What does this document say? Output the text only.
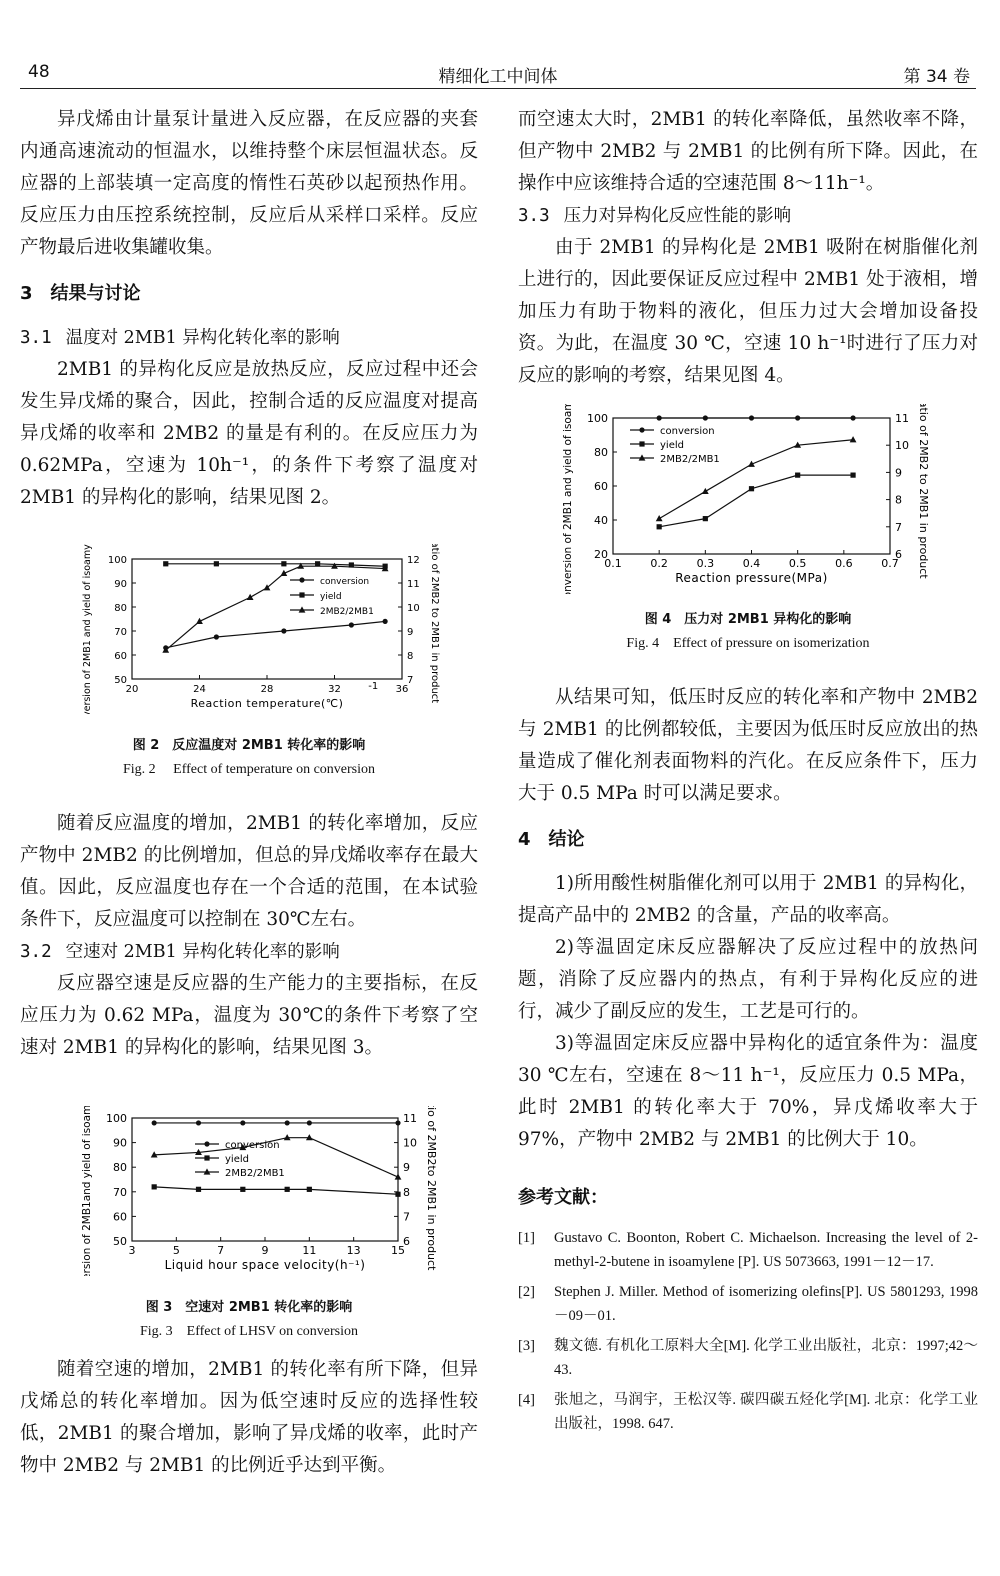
48	精细化工中间体	第 34 卷

异戊烯由计量泵计量进入反应器，在反应器的夹套内通高速流动的恒温水，以维持整个床层恒温状态。反应器的上部装填一定高度的惰性石英砂以起预热作用。反应压力由压控系统控制，反应后从采样口采样。反应产物最后进收集罐收集。

3　结果与讨论
3.1 温度对 2MB1 异构化转化率的影响

2MB1 的异构化反应是放热反应，反应过程中还会发生异戊烯的聚合，因此，控制合适的反应温度对提高异戊烯的收率和 2MB2 的量是有利的。在反应压力为 0.62MPa，空速为 10h⁻¹，的条件下考察了温度对 2MB1 的异构化的影响，结果见图 2。

20	24	28	32	36
50
60
70
80
90
100
7
8
9
10
11
12
Reaction temperature(℃)
Conversion of 2MB1 and yield of isoamylenes(%)	Ratio of 2MB2 to 2MB1 in product
-1
conversion
yield
2MB2/2MB1
图 2　反应温度对 2MB1 转化率的影响
Fig. 2　 Effect of temperature on conversion

随着反应温度的增加，2MB1 的转化率增加，反应产物中 2MB2 的比例增加，但总的异戊烯收率存在最大值。因此，反应温度也存在一个合适的范围，在本试验条件下，反应温度可以控制在 30℃左右。

3.2 空速对 2MB1 异构化转化率的影响

反应器空速是反应器的生产能力的主要指标，在反应压力为 0.62 MPa，温度为 30℃的条件下考察了空速对 2MB1 的异构化的影响，结果见图 3。

3	5	7	9	11	13	15
50
60
70
80
90
100
6
7
8
9
10
11
Liquid hour space velocity(h⁻¹)
Conversion of 2MB1and yield of isoamylenes(%)	Ratio of 2MB2to 2MB1 in product
conversion
yield
2MB2/2MB1
图 3　空速对 2MB1 转化率的影响
Fig. 3　Effect of LHSV on conversion

随着空速的增加，2MB1 的转化率有所下降，但异戊烯总的转化率增加。因为低空速时反应的选择性较低，2MB1 的聚合增加，影响了异戊烯的收率，此时产物中 2MB2 与 2MB1 的比例近乎达到平衡。

而空速太大时，2MB1 的转化率降低，虽然收率不降，但产物中 2MB2 与 2MB1 的比例有所下降。因此，在操作中应该维持合适的空速范围 8～11h⁻¹。

3.3 压力对异构化反应性能的影响

由于 2MB1 的异构化是 2MB1 吸附在树脂催化剂上进行的，因此要保证反应过程中 2MB1 处于液相，增加压力有助于物料的液化，但压力过大会增加设备投资。为此，在温度 30 ℃，空速 10 h⁻¹时进行了压力对反应的影响的考察，结果见图 4。

0.1	0.2	0.3	0.4	0.5	0.6	0.7
20
40
60
80
100
6
7
8
9
10
11
Reaction pressure(MPa)
Conversion of 2MB1 and yield of isoamylenes	Ratio of 2MB2 to 2MB1 in product
conversion
yield
2MB2/2MB1
图 4　压力对 2MB1 异构化的影响
Fig. 4　Effect of pressure on isomerization

从结果可知，低压时反应的转化率和产物中 2MB2 与 2MB1 的比例都较低，主要因为低压时反应放出的热量造成了催化剂表面物料的汽化。在反应条件下，压力大于 0.5 MPa 时可以满足要求。

4　结论

1)所用酸性树脂催化剂可以用于 2MB1 的异构化，提高产品中的 2MB2 的含量，产品的收率高。

2)等温固定床反应器解决了反应过程中的放热问题，消除了反应器内的热点，有利于异构化反应的进行，减少了副反应的发生，工艺是可行的。

3)等温固定床反应器中异构化的适宜条件为：温度 30 ℃左右，空速在 8～11 h⁻¹，反应压力 0.5 MPa，此时 2MB1 的转化率大于 70%，异戊烯收率大于 97%，产物中 2MB2 与 2MB1 的比例大于 10。

参考文献：
[1] Gustavo C. Boonton, Robert C. Michaelson. Increasing the level of 2-methyl-2-butene in isoamylene [P]. US 5073663, 1991－12－17.
[2] Stephen J. Miller. Method of isomerizing olefins[P]. US 5801293, 1998－09－01.
[3] 魏文德. 有机化工原料大全[M]. 化学工业出版社，北京：1997;42～43.
[4] 张旭之，马润宇，王松汉等. 碳四碳五烃化学[M]. 北京：化学工业出版社，1998. 647.
